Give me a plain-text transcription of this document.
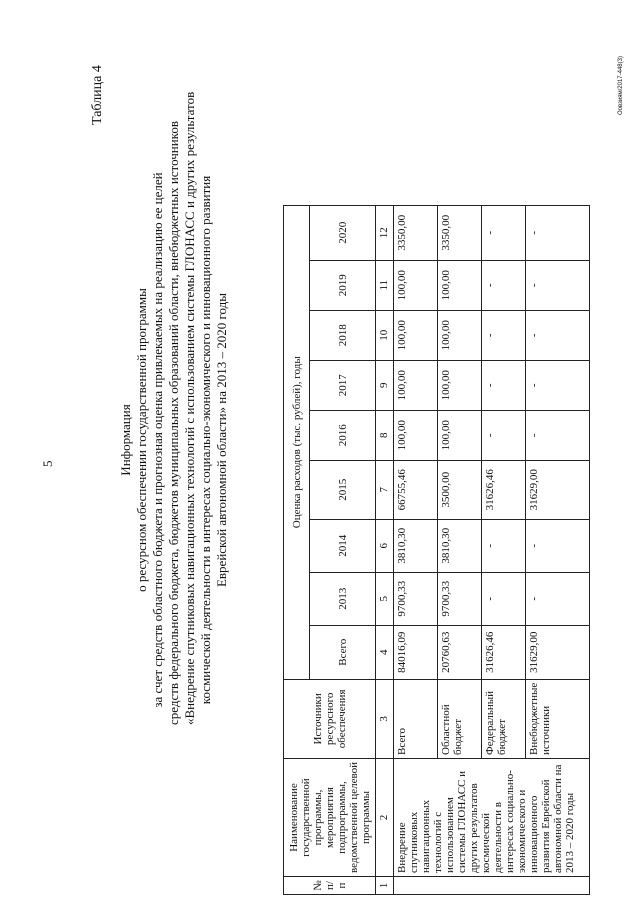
5
Таблица 4
Информация о ресурсном обеспечении государственной программы за счет средств областного бюджета и прогнозная оценка привлекаемых на реализацию ее целей средств федерального бюджета, бюджетов муниципальных образований области, внебюджетных источников «Внедрение спутниковых навигационных технологий с использованием системы ГЛОНАСС и других результатов космической деятельности в интересах социально-экономического и инновационного развития Еврейской автономной области» на 2013 – 2020 годы
№ п/п	Наименование государственной программы, мероприятия подпрограммы, ведомственной целевой программы	Источники ресурсного обеспечения	Оценка расходов (тыс. рублей), годы								
			Всего	2013	2014	2015	2016	2017	2018	2019	2020
1	2	3	4	5	6	7	8	9	10	11	12
	Внедрение спутниковых навигационных технологий с использованием системы ГЛОНАСС и других результатов космической деятельности в интересах социально-экономического и инновационного развития Еврейской автономной области на 2013 – 2020 годы	Всего	84016,09	9700,33	3810,30	66755,46	100,00	100,00	100,00	100,00	3350,00
		Областной бюджет	20760,63	9700,33	3810,30	3500,00	100,00	100,00	100,00	100,00	3350,00
		Федеральный бюджет	31626,46	-	-	31626,46	-	-	-	-	-
		Внебюджетные источники	31629,00	-	-	31629,00	-	-	-	-	-
Оовзиям/2017-448(3)
